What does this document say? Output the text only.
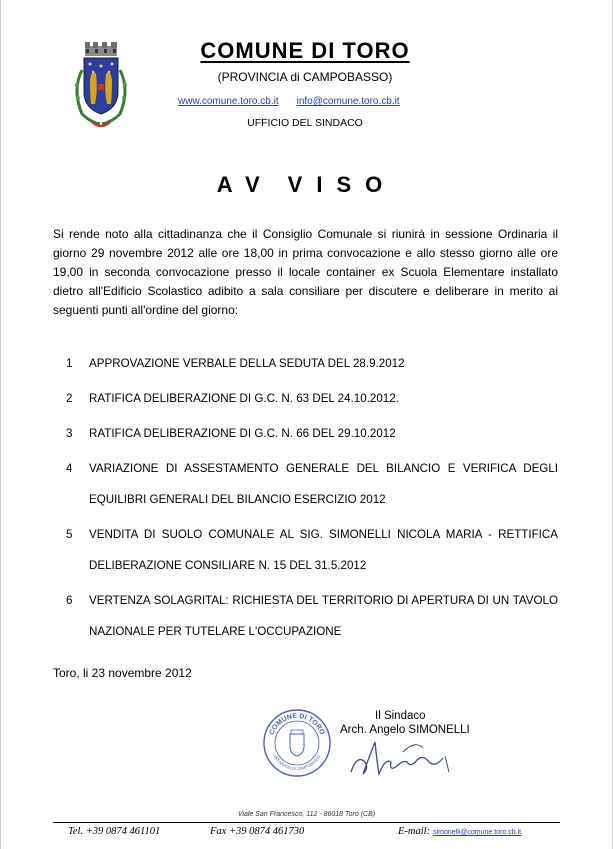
COMUNE DI TORO
(PROVINCIA di CAMPOBASSO)
www.comune.toro.cb.it info@comune.toro.cb.it
UFFICIO DEL SINDACO
AV VISO
Si rende noto alla cittadinanza che il Consiglio Comunale si riunirà in sessione Ordinaria il giorno 29 novembre 2012 alle ore 18,00 in prima convocazione e allo stesso giorno alle ore 19,00 in seconda convocazione presso il locale container ex Scuola Elementare installato dietro all'Edificio Scolastico adibito a sala consiliare per discutere e deliberare in merito ai seguenti punti all'ordine del giorno:
1 APPROVAZIONE VERBALE DELLA SEDUTA DEL 28.9.2012
2 RATIFICA DELIBERAZIONE DI G.C. N. 63 DEL 24.10.2012.
3 RATIFICA DELIBERAZIONE DI G.C. N. 66 DEL 29.10.2012
4 VARIAZIONE DI ASSESTAMENTO GENERALE DEL BILANCIO E VERIFICA DEGLI EQUILIBRI GENERALI DEL BILANCIO ESERCIZIO 2012
5 VENDITA DI SUOLO COMUNALE AL SIG. SIMONELLI NICOLA MARIA - RETTIFICA DELIBERAZIONE CONSILIARE N. 15 DEL 31.5.2012
6 VERTENZA SOLAGRITAL: RICHIESTA DEL TERRITORIO DI APERTURA DI UN TAVOLO NAZIONALE PER TUTELARE L'OCCUPAZIONE
Toro, li 23 novembre 2012
COMUNE DI TORO
PROVINCIA DI CAMPOBASSO
Il Sindaco
Arch. Angelo SIMONELLI
Viale San Francesco, 112 - 86018 Toro (CB)
Tel. +39 0874 461101	Fax +39 0874 461730	E-mail: simonelli@comune.toro.cb.it
